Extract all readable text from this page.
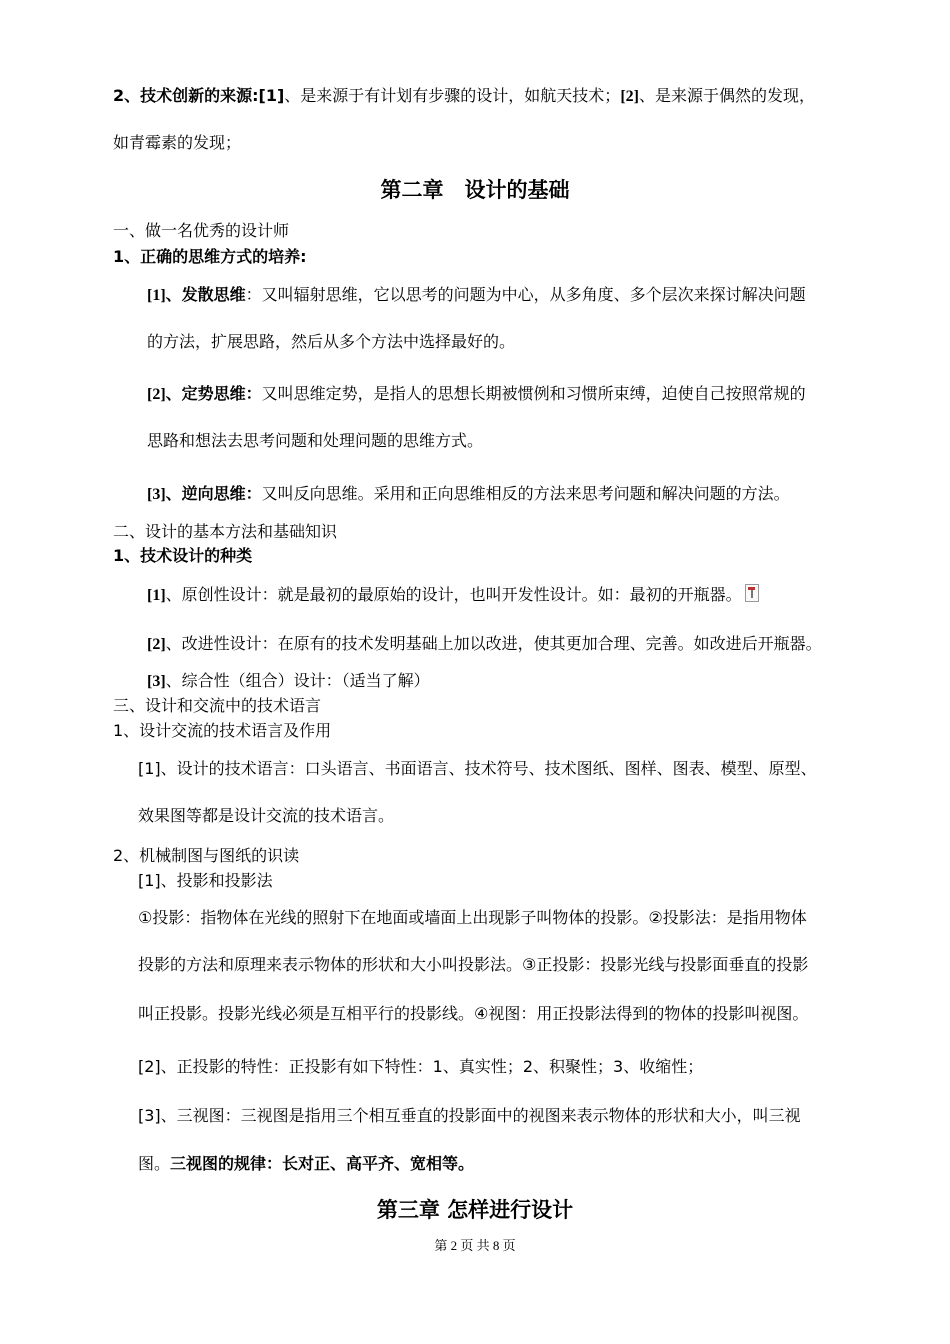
2、技术创新的来源:[1]、是来源于有计划有步骤的设计，如航天技术；[2]、是来源于偶然的发现，
如青霉素的发现；
第二章　设计的基础
一、做一名优秀的设计师
1、正确的思维方式的培养:
[1]、发散思维：又叫辐射思维，它以思考的问题为中心，从多角度、多个层次来探讨解决问题
的方法，扩展思路，然后从多个方法中选择最好的。
[2]、定势思维：又叫思维定势，是指人的思想长期被惯例和习惯所束缚，迫使自己按照常规的
思路和想法去思考问题和处理问题的思维方式。
[3]、逆向思维：又叫反向思维。采用和正向思维相反的方法来思考问题和解决问题的方法。
二、设计的基本方法和基础知识
1、技术设计的种类
[1]、原创性设计：就是最初的最原始的设计，也叫开发性设计。如：最初的开瓶器。
[2]、改进性设计：在原有的技术发明基础上加以改进，使其更加合理、完善。如改进后开瓶器。
[3]、综合性（组合）设计：（适当了解）
三、设计和交流中的技术语言
1、设计交流的技术语言及作用
[1]、设计的技术语言：口头语言、书面语言、技术符号、技术图纸、图样、图表、模型、原型、
效果图等都是设计交流的技术语言。
2、机械制图与图纸的识读
[1]、投影和投影法
①投影：指物体在光线的照射下在地面或墙面上出现影子叫物体的投影。②投影法：是指用物体
投影的方法和原理来表示物体的形状和大小叫投影法。③正投影：投影光线与投影面垂直的投影
叫正投影。投影光线必须是互相平行的投影线。④视图：用正投影法得到的物体的投影叫视图。
[2]、正投影的特性：正投影有如下特性：1、真实性；2、积聚性；3、收缩性；
[3]、三视图：三视图是指用三个相互垂直的投影面中的视图来表示物体的形状和大小，叫三视
图。三视图的规律：长对正、高平齐、宽相等。
第三章 怎样进行设计
第 2 页 共 8 页
